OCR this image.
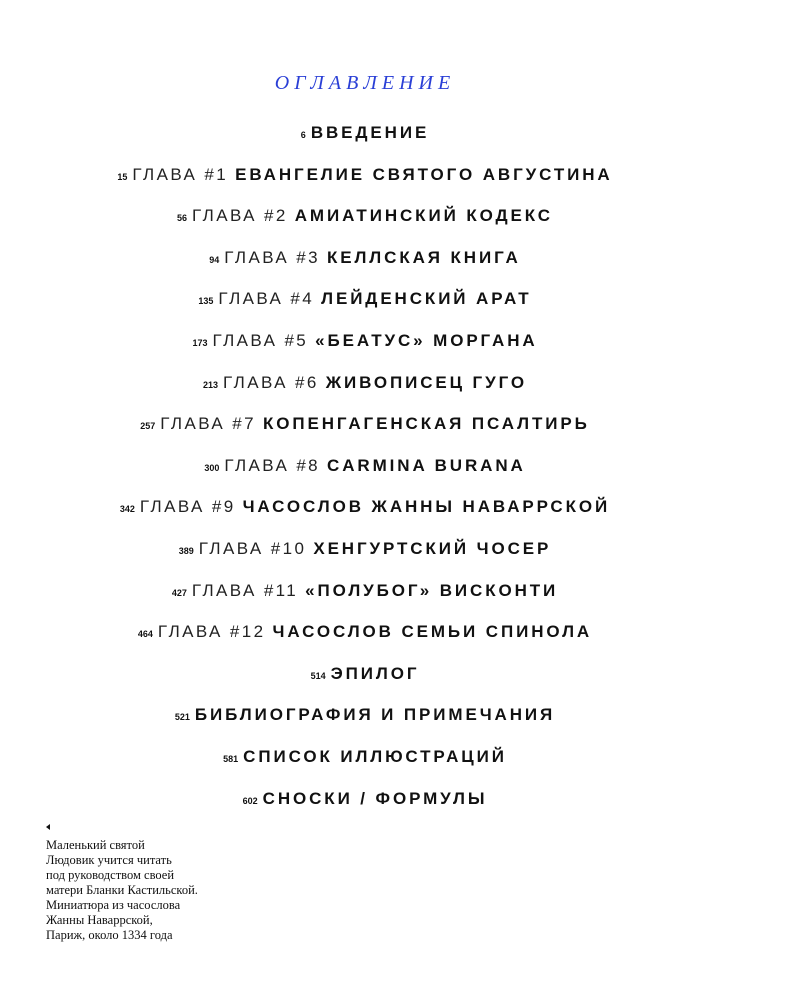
ОГЛАВЛЕНИЕ
6 ВВЕДЕНИЕ
15 ГЛАВА #1 ЕВАНГЕЛИЕ СВЯТОГО АВГУСТИНА
56 ГЛАВА #2 АМИАТИНСКИЙ КОДЕКС
94 ГЛАВА #3 КЕЛЛСКАЯ КНИГА
135 ГЛАВА #4 ЛЕЙДЕНСКИЙ АРАТ
173 ГЛАВА #5 «БЕАТУС» МОРГАНА
213 ГЛАВА #6 ЖИВОПИСЕЦ ГУГО
257 ГЛАВА #7 КОПЕНГАГЕНСКАЯ ПСАЛТИРЬ
300 ГЛАВА #8 CARMINA BURANA
342 ГЛАВА #9 ЧАСОСЛОВ ЖАННЫ НАВАРРСКОЙ
389 ГЛАВА #10 ХЕНГУРТСКИЙ ЧОСЕР
427 ГЛАВА #11 «ПОЛУБОГ» ВИСКОНТИ
464 ГЛАВА #12 ЧАСОСЛОВ СЕМЬИ СПИНОЛА
514 ЭПИЛОГ
521 БИБЛИОГРАФИЯ И ПРИМЕЧАНИЯ
581 СПИСОК ИЛЛЮСТРАЦИЙ
602 СНОСКИ / ФОРМУЛЫ
Маленький святой
Людовик учится читать
под руководством своей
матери Бланки Кастильской.
Миниатюра из часослова
Жанны Наваррской,
Париж, около 1334 года
